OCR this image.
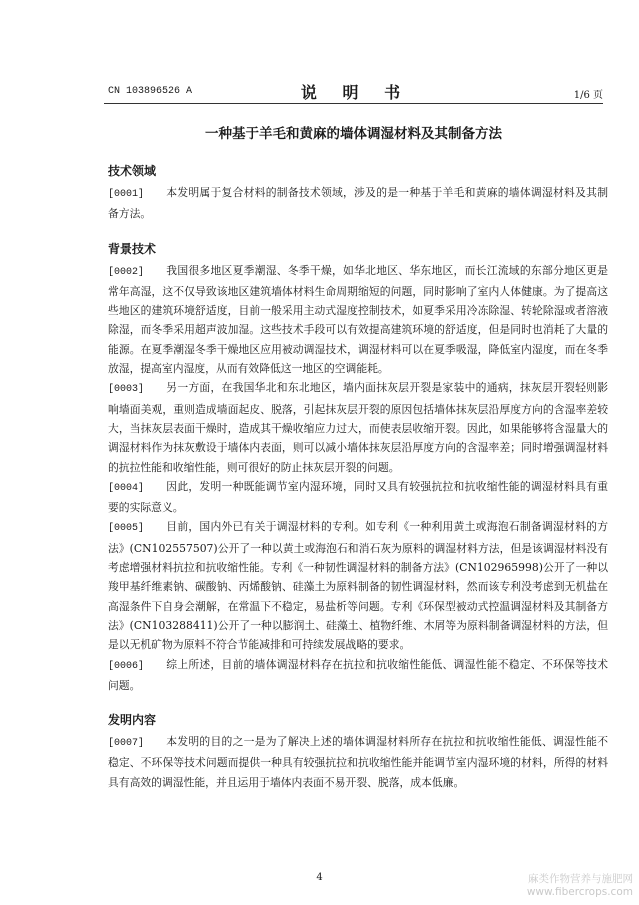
CN 103896526 A	说 明 书	1/6 页
一种基于羊毛和黄麻的墙体调湿材料及其制备方法
技术领域

[0001] 本发明属于复合材料的制备技术领域，涉及的是一种基于羊毛和黄麻的墙体调湿材料及其制备方法。

背景技术

[0002] 我国很多地区夏季潮湿、冬季干燥，如华北地区、华东地区，而长江流域的东部分地区更是常年高湿，这不仅导致该地区建筑墙体材料生命周期缩短的问题，同时影响了室内人体健康。为了提高这些地区的建筑环境舒适度，目前一般采用主动式湿度控制技术，如夏季采用冷冻除湿、转轮除湿或者溶液除湿，而冬季采用超声波加湿。这些技术手段可以有效提高建筑环境的舒适度，但是同时也消耗了大量的能源。在夏季潮湿冬季干燥地区应用被动调湿技术，调湿材料可以在夏季吸湿，降低室内湿度，而在冬季放湿，提高室内湿度，从而有效降低这一地区的空调能耗。

[0003] 另一方面，在我国华北和东北地区，墙内面抹灰层开裂是家装中的通病，抹灰层开裂轻则影响墙面美观，重则造成墙面起皮、脱落，引起抹灰层开裂的原因包括墙体抹灰层沿厚度方向的含湿率差较大，当抹灰层表面干燥时，造成其干燥收缩应力过大，而使表层收缩开裂。因此，如果能够将含湿量大的调湿材料作为抹灰敷设于墙体内表面，则可以减小墙体抹灰层沿厚度方向的含湿率差；同时增强调湿材料的抗拉性能和收缩性能，则可很好的防止抹灰层开裂的问题。

[0004] 因此，发明一种既能调节室内湿环境，同时又具有较强抗拉和抗收缩性能的调湿材料具有重要的实际意义。

[0005] 目前，国内外已有关于调湿材料的专利。如专利《一种利用黄土或海泡石制备调湿材料的方法》(CN102557507)公开了一种以黄土或海泡石和消石灰为原料的调湿材料方法，但是该调湿材料没有考虑增强材料抗拉和抗收缩性能。专利《一种韧性调湿材料的制备方法》(CN102965998)公开了一种以羧甲基纤维素钠、碳酸钠、丙烯酸钠、硅藻土为原料制备的韧性调湿材料，然而该专利没考虑到无机盐在高湿条件下自身会潮解，在常温下不稳定，易盐析等问题。专利《环保型被动式控温调湿材料及其制备方法》(CN103288411)公开了一种以膨润土、硅藻土、植物纤维、木屑等为原料制备调湿材料的方法，但是以无机矿物为原料不符合节能减排和可持续发展战略的要求。

[0006] 综上所述，目前的墙体调湿材料存在抗拉和抗收缩性能低、调湿性能不稳定、不环保等技术问题。

发明内容

[0007] 本发明的目的之一是为了解决上述的墙体调湿材料所存在抗拉和抗收缩性能低、调湿性能不稳定、不环保等技术问题而提供一种具有较强抗拉和抗收缩性能并能调节室内湿环境的材料，所得的材料具有高效的调湿性能，并且运用于墙体内表面不易开裂、脱落，成本低廉。

4	麻类作物营养与施肥网
www.fibercrops.com
